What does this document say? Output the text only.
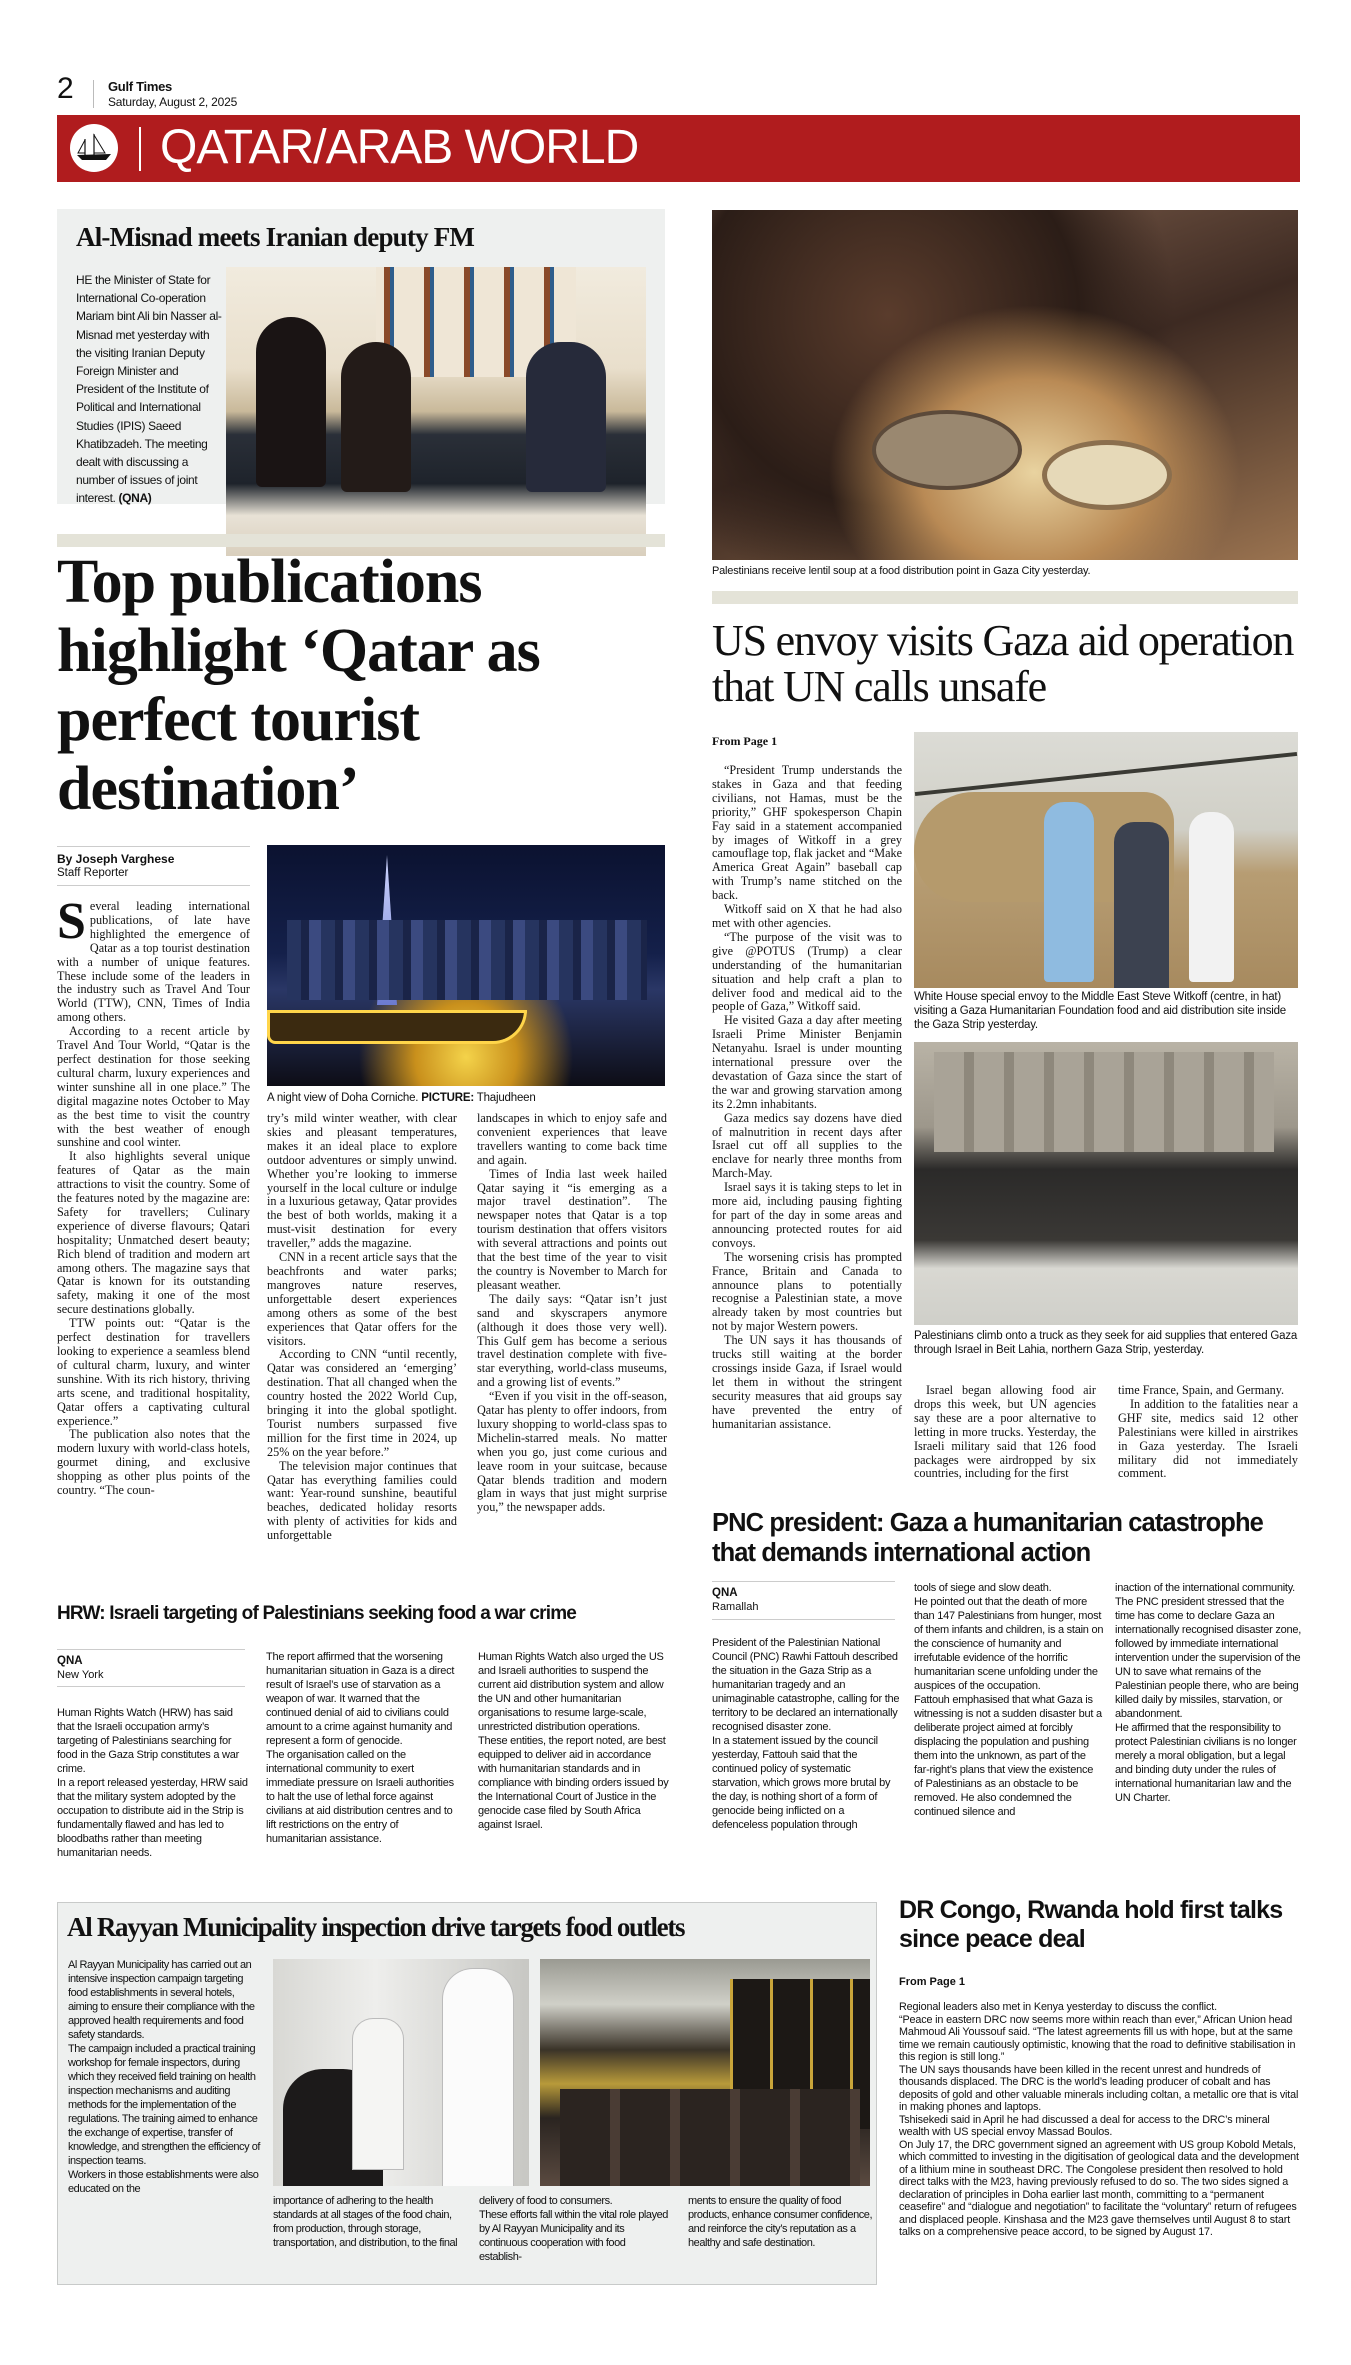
2	Gulf Times
Saturday, August 2, 2025
QATAR/ARAB WORLD
Al-Misnad meets Iranian deputy FM
HE the Minister of State for International Co-operation Mariam bint Ali bin Nasser al-Misnad met yesterday with the visiting Iranian Deputy Foreign Minister and President of the Institute of Political and International Studies (IPIS) Saeed Khatibzadeh. The meeting dealt with discussing a number of issues of joint interest. (QNA)
Palestinians receive lentil soup at a food distribution point in Gaza City yesterday.
Top publications highlight ‘Qatar as perfect tourist destination’
By Joseph Varghese
Staff Reporter

Several leading international publications, of late have highlighted the emergence of Qatar as a top tourist destination with a number of unique features. These include some of the leaders in the industry such as Travel And Tour World (TTW), CNN, Times of India among others.

According to a recent article by Travel And Tour World, “Qatar is the perfect destination for those seeking cultural charm, luxury experiences and winter sunshine all in one place.” The digital magazine notes October to May as the best time to visit the country with the best weather of enough sunshine and cool winter.

It also highlights several unique features of Qatar as the main attractions to visit the country. Some of the features noted by the magazine are: Safety for travellers; Culinary experience of diverse flavours; Qatari hospitality; Unmatched desert beauty; Rich blend of tradition and modern art among others. The magazine says that Qatar is known for its outstanding safety, making it one of the most secure destinations globally.

TTW points out: “Qatar is the perfect destination for travellers looking to experience a seamless blend of cultural charm, luxury, and winter sunshine. With its rich history, thriving arts scene, and traditional hospitality, Qatar offers a captivating cultural experience.”

The publication also notes that the modern luxury with world-class hotels, gourmet dining, and exclusive shopping as other plus points of the country. “The coun-

A night view of Doha Corniche. PICTURE: Thajudheen

try’s mild winter weather, with clear skies and pleasant temperatures, makes it an ideal place to explore outdoor adventures or simply unwind. Whether you’re looking to immerse yourself in the local culture or indulge in a luxurious getaway, Qatar provides the best of both worlds, making it a must-visit destination for every traveller,” adds the magazine.

CNN in a recent article says that the beachfronts and water parks; mangroves nature reserves, unforgettable desert experiences among others as some of the best experiences that Qatar offers for the visitors.

According to CNN “until recently, Qatar was considered an ‘emerging’ destination. That all changed when the country hosted the 2022 World Cup, bringing it into the global spotlight. Tourist numbers surpassed five million for the first time in 2024, up 25% on the year before.”

The television major continues that Qatar has everything families could want: Year-round sunshine, beautiful beaches, dedicated holiday resorts with plenty of activities for kids and unforgettable

landscapes in which to enjoy safe and convenient experiences that leave travellers wanting to come back time and again.

Times of India last week hailed Qatar saying it “is emerging as a major travel destination”. The newspaper notes that Qatar is a top tourism destination that offers visitors with several attractions and points out that the best time of the year to visit the country is November to March for pleasant weather.

The daily says: “Qatar isn’t just sand and skyscrapers anymore (although it does those very well). This Gulf gem has become a serious travel destination complete with five-star everything, world-class museums, and a growing list of events.”

“Even if you visit in the off-season, Qatar has plenty to offer indoors, from luxury shopping to world-class spas to Michelin-starred meals. No matter when you go, just come curious and leave room in your suitcase, because Qatar blends tradition and modern glam in ways that just might surprise you,” the newspaper adds.

US envoy visits Gaza aid operation that UN calls unsafe
From Page 1

“President Trump understands the stakes in Gaza and that feeding civilians, not Hamas, must be the priority,” GHF spokesperson Chapin Fay said in a statement accompanied by images of Witkoff in a grey camouflage top, flak jacket and “Make America Great Again” baseball cap with Trump’s name stitched on the back.

Witkoff said on X that he had also met with other agencies.

“The purpose of the visit was to give @POTUS (Trump) a clear understanding of the humanitarian situation and help craft a plan to deliver food and medical aid to the people of Gaza,” Witkoff said.

He visited Gaza a day after meeting Israeli Prime Minister Benjamin Netanyahu. Israel is under mounting international pressure over the devastation of Gaza since the start of the war and growing starvation among its 2.2mn inhabitants.

Gaza medics say dozens have died of malnutrition in recent days after Israel cut off all supplies to the enclave for nearly three months from March-May.

Israel says it is taking steps to let in more aid, including pausing fighting for part of the day in some areas and announcing protected routes for aid convoys.

The worsening crisis has prompted France, Britain and Canada to announce plans to potentially recognise a Palestinian state, a move already taken by most countries but not by major Western powers.

The UN says it has thousands of trucks still waiting at the border crossings inside Gaza, if Israel would let them in without the stringent security measures that aid groups say have prevented the entry of humanitarian assistance.

White House special envoy to the Middle East Steve Witkoff (centre, in hat) visiting a Gaza Humanitarian Foundation food and aid distribution site inside the Gaza Strip yesterday.
Palestinians climb onto a truck as they seek for aid supplies that entered Gaza through Israel in Beit Lahia, northern Gaza Strip, yesterday.

Israel began allowing food air drops this week, but UN agencies say these are a poor alternative to letting in more trucks. Yesterday, the Israeli military said that 126 food packages were airdropped by six countries, including for the first

time France, Spain, and Germany.

In addition to the fatalities near a GHF site, medics said 12 other Palestinians were killed in airstrikes in Gaza yesterday. The Israeli military did not immediately comment.

PNC president: Gaza a humanitarian catastrophe that demands international action
QNA
Ramallah

President of the Palestinian National Council (PNC) Rawhi Fattouh described the situation in the Gaza Strip as a humanitarian tragedy and an unimaginable catastrophe, calling for the territory to be declared an internationally recognised disaster zone.

In a statement issued by the council yesterday, Fattouh said that the continued policy of systematic starvation, which grows more brutal by the day, is nothing short of a form of genocide being inflicted on a defenceless population through

tools of siege and slow death.

He pointed out that the death of more than 147 Palestinians from hunger, most of them infants and children, is a stain on the conscience of humanity and irrefutable evidence of the horrific humanitarian scene unfolding under the auspices of the occupation.

Fattouh emphasised that what Gaza is witnessing is not a sudden disaster but a deliberate project aimed at forcibly displacing the population and pushing them into the unknown, as part of the far-right’s plans that view the existence of Palestinians as an obstacle to be removed. He also condemned the continued silence and

inaction of the international community.

The PNC president stressed that the time has come to declare Gaza an internationally recognised disaster zone, followed by immediate international intervention under the supervision of the UN to save what remains of the Palestinian people there, who are being killed daily by missiles, starvation, or abandonment.

He affirmed that the responsibility to protect Palestinian civilians is no longer merely a moral obligation, but a legal and binding duty under the rules of international humanitarian law and the UN Charter.

HRW: Israeli targeting of Palestinians seeking food a war crime
QNA
New York

Human Rights Watch (HRW) has said that the Israeli occupation army’s targeting of Palestinians searching for food in the Gaza Strip constitutes a war crime.

In a report released yesterday, HRW said that the military system adopted by the occupation to distribute aid in the Strip is fundamentally flawed and has led to bloodbaths rather than meeting humanitarian needs.

The report affirmed that the worsening humanitarian situation in Gaza is a direct result of Israel’s use of starvation as a weapon of war. It warned that the continued denial of aid to civilians could amount to a crime against humanity and represent a form of genocide.

The organisation called on the international community to exert immediate pressure on Israeli authorities to halt the use of lethal force against civilians at aid distribution centres and to lift restrictions on the entry of humanitarian assistance.

Human Rights Watch also urged the US and Israeli authorities to suspend the current aid distribution system and allow the UN and other humanitarian organisations to resume large-scale, unrestricted distribution operations.

These entities, the report noted, are best equipped to deliver aid in accordance with humanitarian standards and in compliance with binding orders issued by the International Court of Justice in the genocide case filed by South Africa against Israel.

Al Rayyan Municipality inspection drive targets food outlets

Al Rayyan Municipality has carried out an intensive inspection campaign targeting food establishments in several hotels, aiming to ensure their compliance with the approved health requirements and food safety standards.

The campaign included a practical training workshop for female inspectors, during which they received field training on health inspection mechanisms and auditing methods for the implementation of the regulations. The training aimed to enhance the exchange of expertise, transfer of knowledge, and strengthen the efficiency of inspection teams.

Workers in those establishments were also educated on the

importance of adhering to the health standards at all stages of the food chain, from production, through storage, transportation, and distribution, to the final

delivery of food to consumers.

These efforts fall within the vital role played by Al Rayyan Municipality and its continuous cooperation with food establish-

ments to ensure the quality of food products, enhance consumer confidence, and reinforce the city’s reputation as a healthy and safe destination.

DR Congo, Rwanda hold first talks since peace deal
From Page 1

Regional leaders also met in Kenya yesterday to discuss the conflict.

“Peace in eastern DRC now seems more within reach than ever,” African Union head Mahmoud Ali Youssouf said. “The latest agreements fill us with hope, but at the same time we remain cautiously optimistic, knowing that the road to definitive stabilisation in this region is still long.”

The UN says thousands have been killed in the recent unrest and hundreds of thousands displaced. The DRC is the world’s leading producer of cobalt and has deposits of gold and other valuable minerals including coltan, a metallic ore that is vital in making phones and laptops.

Tshisekedi said in April he had discussed a deal for access to the DRC’s mineral wealth with US special envoy Massad Boulos.

On July 17, the DRC government signed an agreement with US group Kobold Metals, which committed to investing in the digitisation of geological data and the development of a lithium mine in southeast DRC. The Congolese president then resolved to hold direct talks with the M23, having previously refused to do so. The two sides signed a declaration of principles in Doha earlier last month, committing to a “permanent ceasefire” and “dialogue and negotiation” to facilitate the “voluntary” return of refugees and displaced people. Kinshasa and the M23 gave themselves until August 8 to start talks on a comprehensive peace accord, to be signed by August 17.
